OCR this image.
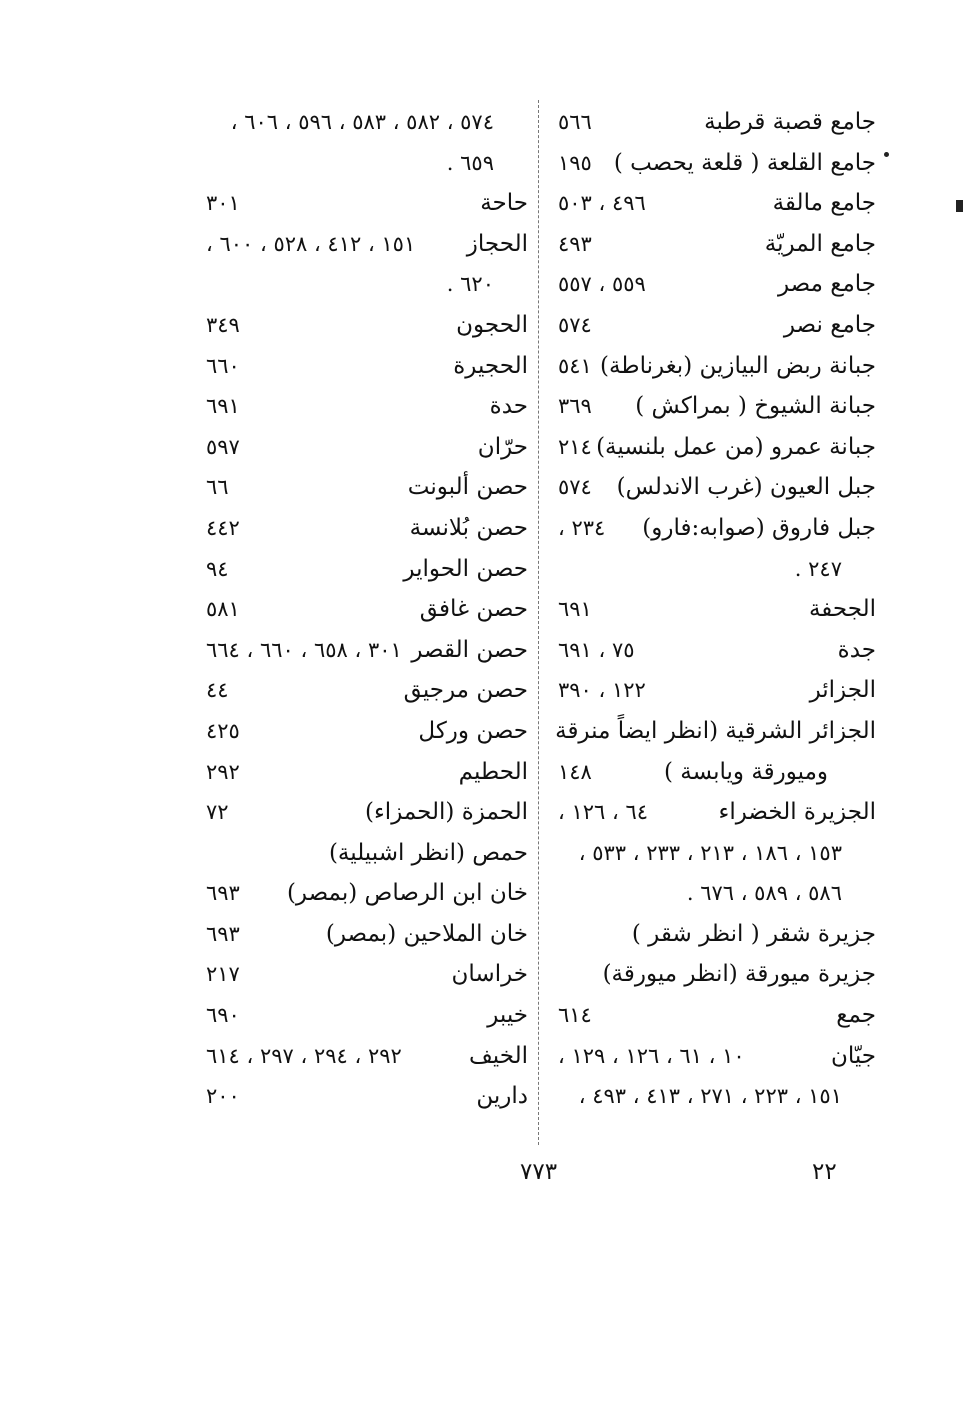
جامع قصبة قرطبة
٥٦٦
جامع القلعة ( قلعة يحصب )
١٩٥
جامع مالقة
٤٩٦ ، ٥٠٣
جامع المريّة
٤٩٣
جامع مصر
٥٥٩ ، ٥٥٧
جامع نصر
٥٧٤
جبانة ربض البيازين (بغرناطة)
٥٤١
جبانة الشيوخ ( بمراكش )
٣٦٩
جبانة عمرو (من عمل بلنسية)
٢١٤
جبل العيون (غرب الاندلس)
٥٧٤
جبل فاروق (صوابه:فارو)
٢٣٤ ،
٢٤٧ .
الجحفة
٦٩١
جدة
٧٥ ، ٦٩١
الجزائر
١٢٢ ، ٣٩٠
الجزائر الشرقية (انظر ايضاً منرقة
وميورقة ويابسة )
١٤٨
الجزيرة الخضراء
٦٤ ، ١٢٦ ،
١٥٣ ، ١٨٦ ، ٢١٣ ، ٢٣٣ ، ٥٣٣ ،
٥٨٦ ، ٥٨٩ ، ٦٧٦ .
جزيرة شقر ( انظر شقر )
جزيرة ميورقة (انظر ميورقة)
جمع
٦١٤
جيّان
١٠ ، ٦١ ، ١٢٦ ، ١٢٩ ،
١٥١ ، ٢٢٣ ، ٢٧١ ، ٤١٣ ، ٤٩٣ ،
٥٧٤ ، ٥٨٢ ، ٥٨٣ ، ٥٩٦ ، ٦٠٦ ،
٦٥٩ .
حاحة
٣٠١
الحجاز
١٥١ ، ٤١٢ ، ٥٢٨ ، ٦٠٠ ،
٦٢٠ .
الحجون
٣٤٩
الحجيرة
٦٦٠
حدة
٦٩١
حرّان
٥٩٧
حصن ألبونت
٦٦
حصن بُلانسة
٤٤٢
حصن الحواير
٩٤
حصن غافق
٥٨١
حصن القصر
٣٠١ ، ٦٥٨ ، ٦٦٠ ، ٦٦٤
حصن مرجيق
٤٤
حصن وركل
٤٢٥
الحطيم
٢٩٢
الحمزة (الحمزاء)
٧٢
حمص (انظر اشبيلية)
خان ابن الرصاص (بمصر)
٦٩٣
خان الملاحين (بمصر)
٦٩٣
خراسان
٢١٧
خيبر
٦٩٠
الخيف
٢٩٢ ، ٢٩٤ ، ٢٩٧ ، ٦١٤
دارين
٢٠٠
٧٧٣	٢٢
